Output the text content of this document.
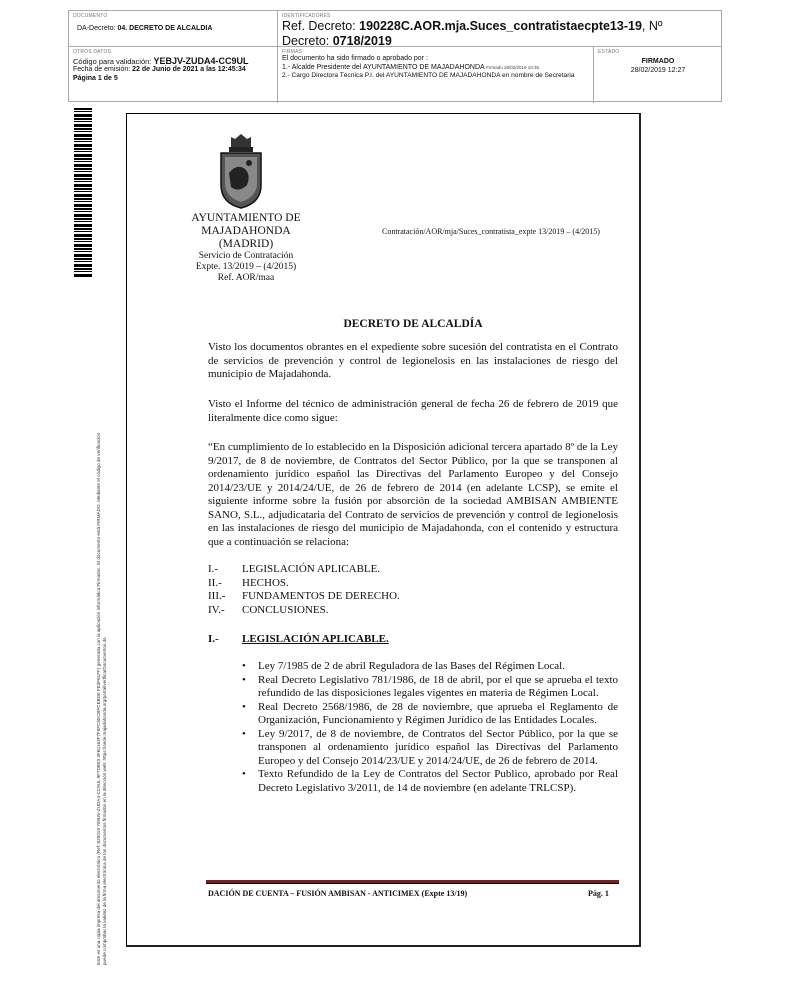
DOCUMENTO
DA-Decreto: 04. DECRETO DE ALCALDIA
IDENTIFICADORES
Ref. Decreto: 190228C.AOR.mja.Suces_contratistaecpte13-19, Nº
Decreto: 0718/2019
OTROS DATOS
Código para validación: YEBJV-ZUDA4-CC9UL
Fecha de emisión: 22 de Junio de 2021 a las 12:45:34
Página 1 de 5
FIRMAS
El documento ha sido firmado o aprobado por :
1.- Alcalde Presidente del AYUNTAMIENTO DE MAJADAHONDA Firmado 28/02/2019 10:36
2.- Cargo Directora Técnica P.I. del AYUNTAMIENTO DE MAJADAHONDA en nombre de Secretaria
ESTADO
FIRMADO
28/02/2019 12:27
Este es una copia impresa del documento electrónico (Ref: 825019 YEBJV-ZUDA4-CC9UL 9F7D8E3 3FB1163F7F0FC5ECBFCEBD0 FE3F61FF) generada con la aplicación informática Firmadoc. El documento está FIRMADO. Mediante el código de verificación puede comprobar la validez de la firma electrónica de los documentos firmados en la dirección web: https://sede.majadahonda.org/portal/verificarDocumentos.do
AYUNTAMIENTO DE
MAJADAHONDA
(MADRID)
Servicio de Contratación
Expte. 13/2019 – (4/2015)
Ref. AOR/maa
Contratación/AOR/mja/Suces_contratista_expte 13/2019 – (4/2015)
DECRETO DE ALCALDÍA
Visto los documentos obrantes en el expediente sobre sucesión del contratista en el Contrato de servicios de prevención y control de legionelosis en las instalaciones de riesgo del municipio de Majadahonda.
Visto el Informe del técnico de administración general de fecha 26 de febrero de 2019 que literalmente dice como sigue:
“En cumplimiento de lo establecido en la Disposición adicional tercera apartado 8º de la Ley 9/2017, de 8 de noviembre, de Contratos del Sector Público, por la que se transponen al ordenamiento jurídico español las Directivas del Parlamento Europeo y del Consejo 2014/23/UE y 2014/24/UE, de 26 de febrero de 2014 (en adelante LCSP), se emite el siguiente informe sobre la fusión por absorción de la sociedad AMBISAN AMBIENTE SANO, S.L., adjudicataria del Contrato de servicios de prevención y control de legionelosis en las instalaciones de riesgo del municipio de Majadahonda, con el contenido y estructura que a continuación se relaciona:
I.-	LEGISLACIÓN APLICABLE.
II.-	HECHOS.
III.-	FUNDAMENTOS DE DERECHO.
IV.-	CONCLUSIONES.
I.- LEGISLACIÓN APLICABLE.
• Ley 7/1985 de 2 de abril Reguladora de las Bases del Régimen Local.
• Real Decreto Legislativo 781/1986, de 18 de abril, por el que se aprueba el texto refundido de las disposiciones legales vigentes en materia de Régimen Local.
• Real Decreto 2568/1986, de 28 de noviembre, que aprueba el Reglamento de Organización, Funcionamiento y Régimen Jurídico de las Entidades Locales.
• Ley 9/2017, de 8 de noviembre, de Contratos del Sector Público, por la que se transponen al ordenamiento jurídico español las Directivas del Parlamento Europeo y del Consejo 2014/23/UE y 2014/24/UE, de 26 de febrero de 2014.
• Texto Refundido de la Ley de Contratos del Sector Publico, aprobado por Real Decreto Legislativo 3/2011, de 14 de noviembre (en adelante TRLCSP).
DACIÓN DE CUENTA – FUSIÓN AMBISAN - ANTICIMEX (Expte 13/19)	Pág. 1
